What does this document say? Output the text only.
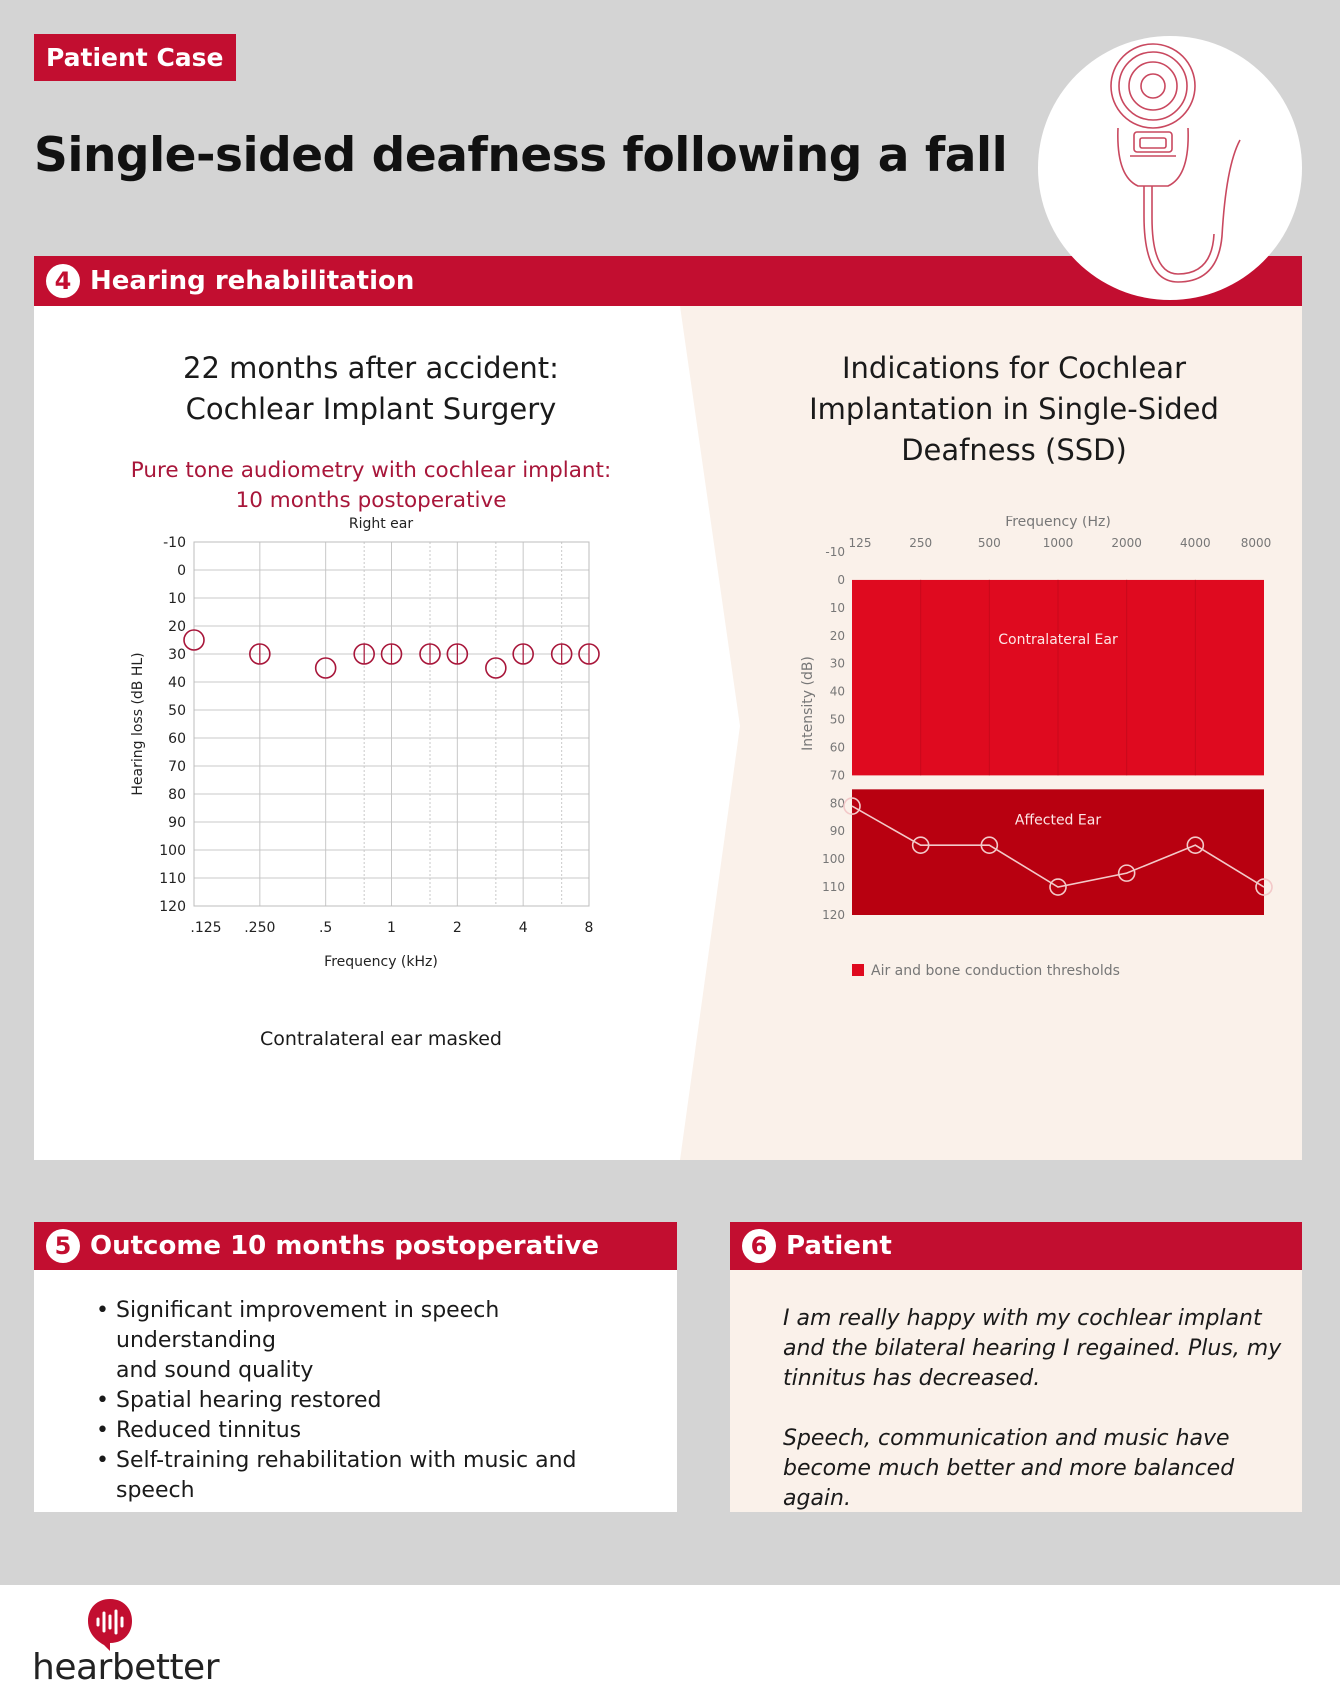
Patient Case
Single-sided deafness following a fall
4 Hearing rehabilitation
22 months after accident:
Cochlear Implant Surgery
Pure tone audiometry with cochlear implant:
10 months postoperative
Indications for Cochlear
Implantation in Single-Sided
Deafness (SSD)
Right ear
-10
0
10
20
30
40
50
60
70
80
90
100
110
120
.125 .250	.5	1	2	4	8
Frequency (kHz)
Hearing loss (dB HL)
Contralateral ear masked
Frequency (Hz)
125	250	500	1000	2000	4000	8000
-10
0
10
20
30
40
50
60
70
80
90
100
110
120
Intensity (dB)
Contralateral Ear
Affected Ear
Air and bone conduction thresholds
5 Outcome 10 months postoperative
• Significant improvement in speech understanding
and sound quality
• Spatial hearing restored
• Reduced tinnitus
• Self-training rehabilitation with music and speech
6 Patient

I am really happy with my cochlear implant and the bilateral hearing I regained. Plus, my tinnitus has decreased.

Speech, communication and music have become much better and more balanced again.

hearbetter
